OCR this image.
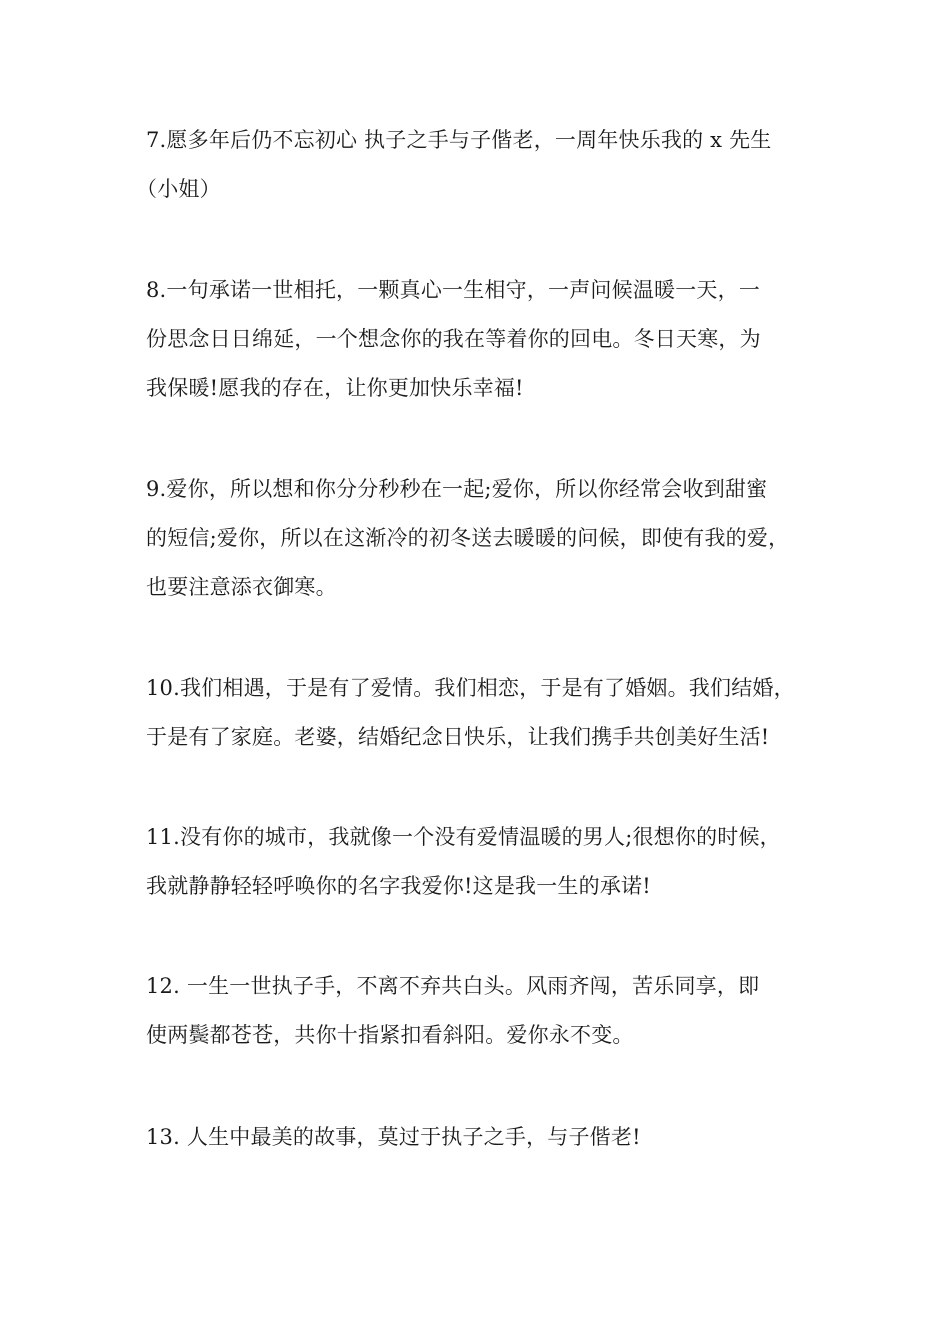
7.愿多年后仍不忘初心 执子之手与子偕老，一周年快乐我的 x 先生
（小姐）

8.一句承诺一世相托，一颗真心一生相守，一声问候温暖一天，一
份思念日日绵延，一个想念你的我在等着你的回电。冬日天寒，为
我保暖!愿我的存在，让你更加快乐幸福!

9.爱你，所以想和你分分秒秒在一起;爱你，所以你经常会收到甜蜜
的短信;爱你，所以在这渐冷的初冬送去暖暖的问候，即使有我的爱，
也要注意添衣御寒。

10.我们相遇，于是有了爱情。我们相恋，于是有了婚姻。我们结婚，
于是有了家庭。老婆，结婚纪念日快乐，让我们携手共创美好生活!

11.没有你的城市，我就像一个没有爱情温暖的男人;很想你的时候，
我就静静轻轻呼唤你的名字我爱你!这是我一生的承诺!

12. 一生一世执子手，不离不弃共白头。风雨齐闯，苦乐同享，即
使两鬓都苍苍，共你十指紧扣看斜阳。爱你永不变。

13. 人生中最美的故事，莫过于执子之手，与子偕老!
